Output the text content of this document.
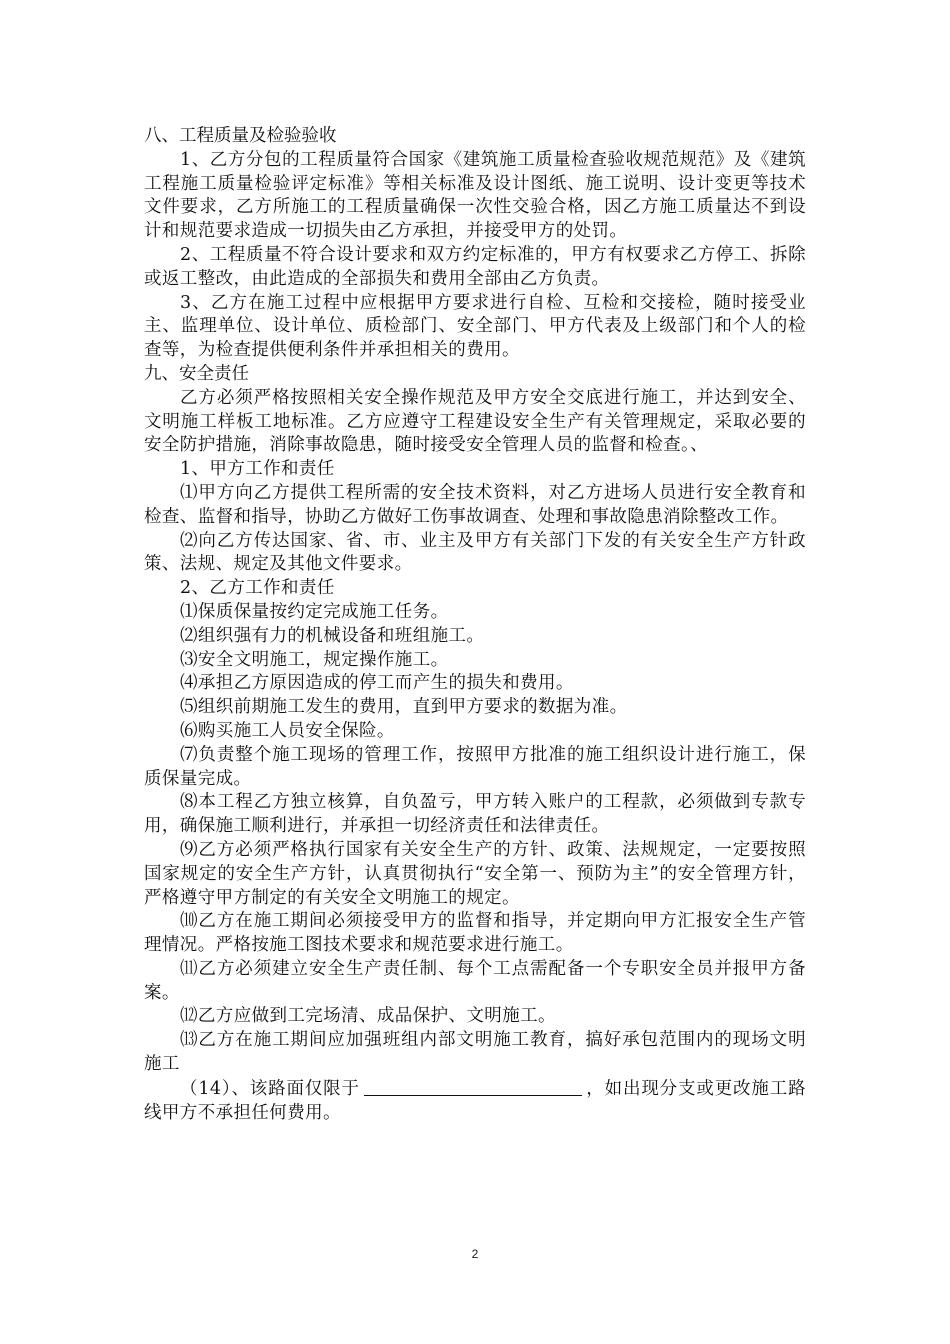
八、工程质量及检验验收

1、乙方分包的工程质量符合国家《建筑施工质量检查验收规范规范》及《建筑工程施工质量检验评定标准》等相关标准及设计图纸、施工说明、设计变更等技术文件要求，乙方所施工的工程质量确保一次性交验合格，因乙方施工质量达不到设计和规范要求造成一切损失由乙方承担，并接受甲方的处罚。

2、工程质量不符合设计要求和双方约定标准的，甲方有权要求乙方停工、拆除或返工整改，由此造成的全部损失和费用全部由乙方负责。

3、乙方在施工过程中应根据甲方要求进行自检、互检和交接检，随时接受业主、监理单位、设计单位、质检部门、安全部门、甲方代表及上级部门和个人的检查等，为检查提供便利条件并承担相关的费用。

九、安全责任

乙方必须严格按照相关安全操作规范及甲方安全交底进行施工，并达到安全、文明施工样板工地标准。乙方应遵守工程建设安全生产有关管理规定，采取必要的安全防护措施，消除事故隐患，随时接受安全管理人员的监督和检查。、

1、甲方工作和责任

⑴甲方向乙方提供工程所需的安全技术资料，对乙方进场人员进行安全教育和检查、监督和指导，协助乙方做好工伤事故调查、处理和事故隐患消除整改工作。

⑵向乙方传达国家、省、市、业主及甲方有关部门下发的有关安全生产方针政策、法规、规定及其他文件要求。

2、乙方工作和责任

⑴保质保量按约定完成施工任务。

⑵组织强有力的机械设备和班组施工。

⑶安全文明施工，规定操作施工。

⑷承担乙方原因造成的停工而产生的损失和费用。

⑸组织前期施工发生的费用，直到甲方要求的数据为准。

⑹购买施工人员安全保险。

⑺负责整个施工现场的管理工作，按照甲方批准的施工组织设计进行施工，保质保量完成。

⑻本工程乙方独立核算，自负盈亏，甲方转入账户的工程款，必须做到专款专用，确保施工顺利进行，并承担一切经济责任和法律责任。

⑼乙方必须严格执行国家有关安全生产的方针、政策、法规规定，一定要按照国家规定的安全生产方针，认真贯彻执行“安全第一、预防为主”的安全管理方针，严格遵守甲方制定的有关安全文明施工的规定。

⑽乙方在施工期间必须接受甲方的监督和指导，并定期向甲方汇报安全生产管理情况。严格按施工图技术要求和规范要求进行施工。

⑾乙方必须建立安全生产责任制、每个工点需配备一个专职安全员并报甲方备案。

⑿乙方应做到工完场清、成品保护、文明施工。

⒀乙方在施工期间应加强班组内部文明施工教育，搞好承包范围内的现场文明施工

（14）、该路面仅限于	，如出现分支或更改施工路线甲方不承担任何费用。

2
